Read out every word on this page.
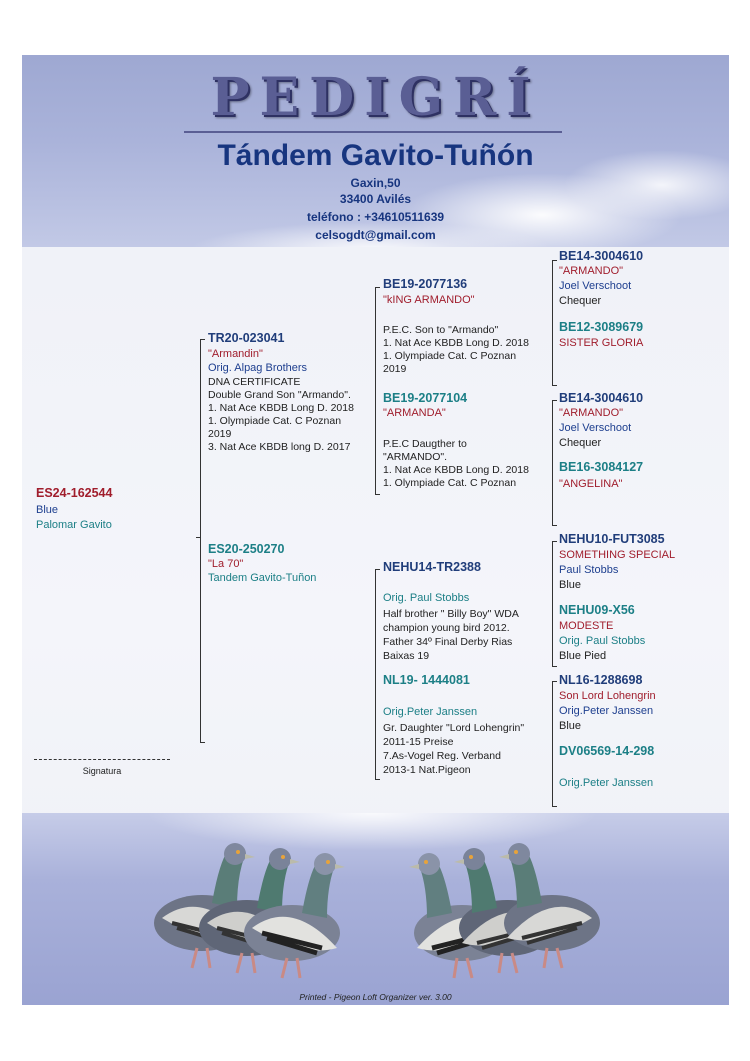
PEDIGRÍ
Tándem Gavito-Tuñón
Gaxin,50
33400 Avilés
teléfono : +34610511639
celsogdt@gmail.com
ES24-162544
Blue
Palomar Gavito
Signatura
TR20-023041
"Armandin"
Orig. Alpag Brothers
DNA CERTIFICATE
Double Grand Son "Armando".
1. Nat Ace KBDB Long D. 2018
1. Olympiade Cat. C Poznan
2019
3. Nat Ace KBDB long D. 2017
ES20-250270
"La 70"
Tandem Gavito-Tuñon
BE19-2077136
"kING ARMANDO"
P.E.C. Son to "Armando"
1. Nat Ace KBDB Long D. 2018
1. Olympiade Cat. C Poznan
2019
BE19-2077104
"ARMANDA"
P.E.C Daugther to
"ARMANDO".
1. Nat Ace KBDB Long D. 2018
1. Olympiade Cat. C Poznan
NEHU14-TR2388
Orig. Paul Stobbs
Half brother " Billy Boy" WDA
champion young bird 2012.
Father 34º Final Derby Rias
Baixas 19
NL19- 1444081
Orig.Peter Janssen
Gr. Daughter "Lord Lohengrin"
2011-15 Preise
7.As-Vogel Reg. Verband
2013-1 Nat.Pigeon
BE14-3004610
"ARMANDO"
Joel Verschoot
Chequer
BE12-3089679
SISTER GLORIA
BE14-3004610
"ARMANDO"
Joel Verschoot
Chequer
BE16-3084127
"ANGELINA"
NEHU10-FUT3085
SOMETHING SPECIAL
Paul Stobbs
Blue
NEHU09-X56
MODESTE
Orig. Paul Stobbs
Blue Pied
NL16-1288698
Son Lord Lohengrin
Orig.Peter Janssen
Blue
DV06569-14-298
Orig.Peter Janssen
Printed - Pigeon Loft Organizer ver. 3.00
